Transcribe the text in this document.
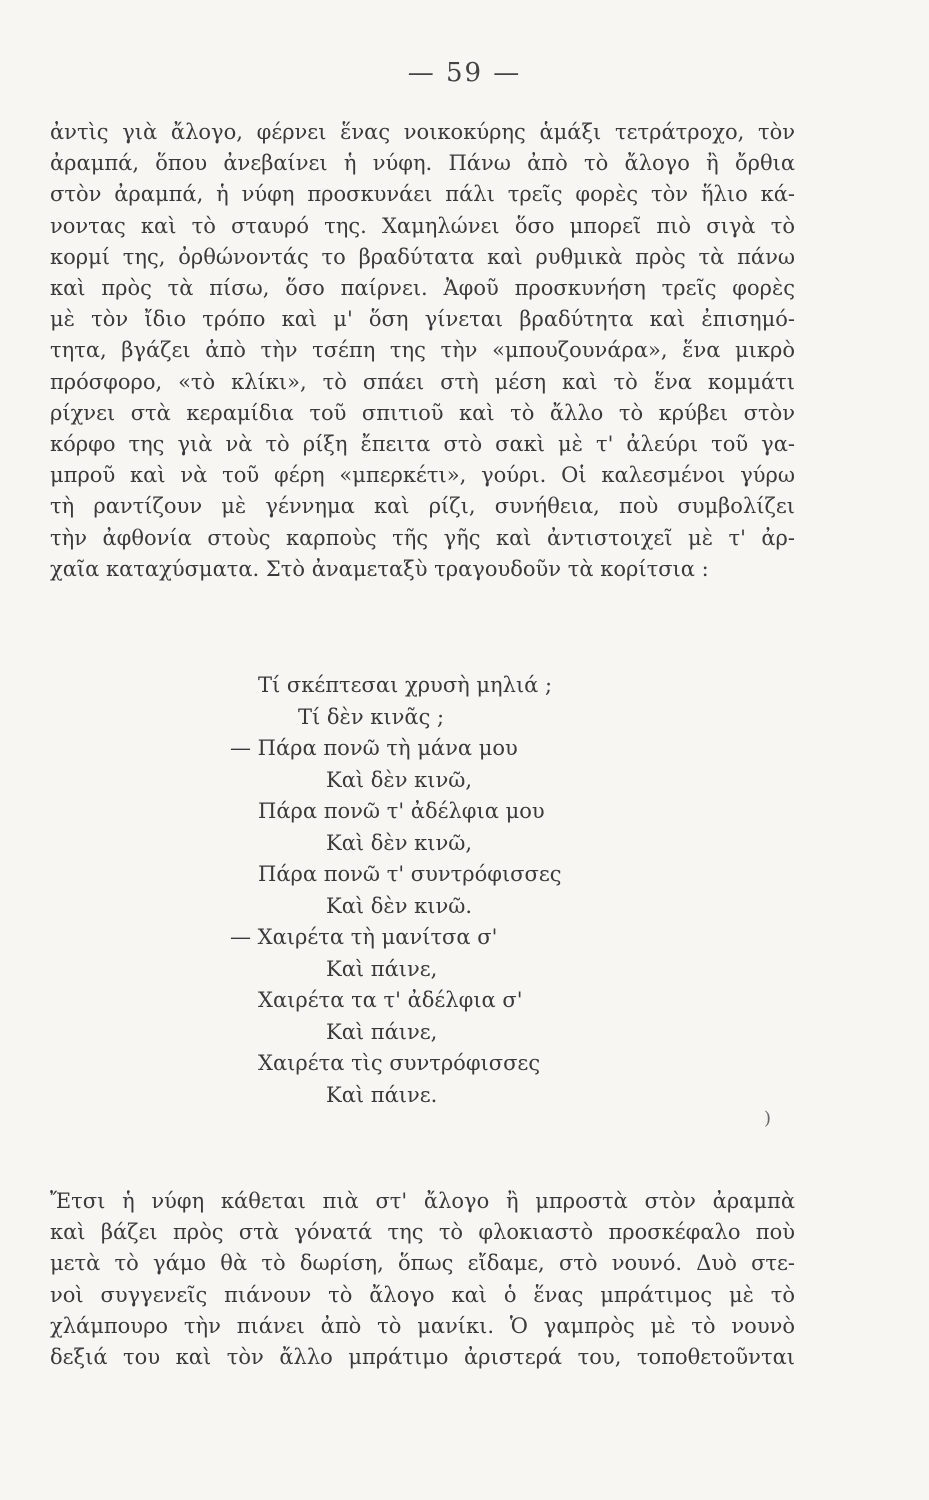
— 59 —
ἀντὶς γιὰ ἄλογο, φέρνει ἕνας νοικοκύρης ἁμάξι τετράτροχο, τὸν
ἀραμπά, ὅπου ἀνεβαίνει ἡ νύφη. Πάνω ἀπὸ τὸ ἄλογο ἢ ὄρθια
στὸν ἀραμπά, ἡ νύφη προσκυνάει πάλι τρεῖς φορὲς τὸν ἥλιο κά-
νοντας καὶ τὸ σταυρό της. Χαμηλώνει ὅσο μπορεῖ πιὸ σιγὰ τὸ
κορμί της, ὀρθώνοντάς το βραδύτατα καὶ ρυθμικὰ πρὸς τὰ πάνω
καὶ πρὸς τὰ πίσω, ὅσο παίρνει. Ἀφοῦ προσκυνήση τρεῖς φορὲς
μὲ τὸν ἴδιο τρόπο καὶ μ' ὅση γίνεται βραδύτητα καὶ ἐπισημό-
τητα, βγάζει ἀπὸ τὴν τσέπη της τὴν «μπουζουνάρα», ἕνα μικρὸ
πρόσφορο, «τὸ κλίκι», τὸ σπάει στὴ μέση καὶ τὸ ἕνα κομμάτι
ρίχνει στὰ κεραμίδια τοῦ σπιτιοῦ καὶ τὸ ἄλλο τὸ κρύβει στὸν
κόρφο της γιὰ νὰ τὸ ρίξη ἔπειτα στὸ σακὶ μὲ τ' ἀλεύρι τοῦ γα-
μπροῦ καὶ νὰ τοῦ φέρη «μπερκέτι», γούρι. Οἱ καλεσμένοι γύρω
τὴ ραντίζουν μὲ γέννημα καὶ ρίζι, συνήθεια, ποὺ συμβολίζει
τὴν ἀφθονία στοὺς καρποὺς τῆς γῆς καὶ ἀντιστοιχεῖ μὲ τ' ἀρ-
χαῖα καταχύσματα. Στὸ ἀναμεταξὺ τραγουδοῦν τὰ κορίτσια :
Τί σκέπτεσαι χρυσὴ μηλιά ;
Τί δὲν κινᾶς ;
— Πάρα πονῶ τὴ μάνα μου
Καὶ δὲν κινῶ,
Πάρα πονῶ τ' ἀδέλφια μου
Καὶ δὲν κινῶ,
Πάρα πονῶ τ' συντρόφισσες
Καὶ δὲν κινῶ.
— Χαιρέτα τὴ μανίτσα σ'
Καὶ πάινε,
Χαιρέτα τα τ' ἀδέλφια σ'
Καὶ πάινε,
Χαιρέτα τὶς συντρόφισσες
Καὶ πάινε.
)
Ἔτσι ἡ νύφη κάθεται πιὰ στ' ἄλογο ἢ μπροστὰ στὸν ἀραμπὰ
καὶ βάζει πρὸς στὰ γόνατά της τὸ φλοκιαστὸ προσκέφαλο ποὺ
μετὰ τὸ γάμο θὰ τὸ δωρίση, ὅπως εἴδαμε, στὸ νουνό. Δυὸ στε-
νοὶ συγγενεῖς πιάνουν τὸ ἄλογο καὶ ὁ ἕνας μπράτιμος μὲ τὸ
χλάμπουρο τὴν πιάνει ἀπὸ τὸ μανίκι. Ὁ γαμπρὸς μὲ τὸ νουνὸ
δεξιά του καὶ τὸν ἄλλο μπράτιμο ἀριστερά του, τοποθετοῦνται
